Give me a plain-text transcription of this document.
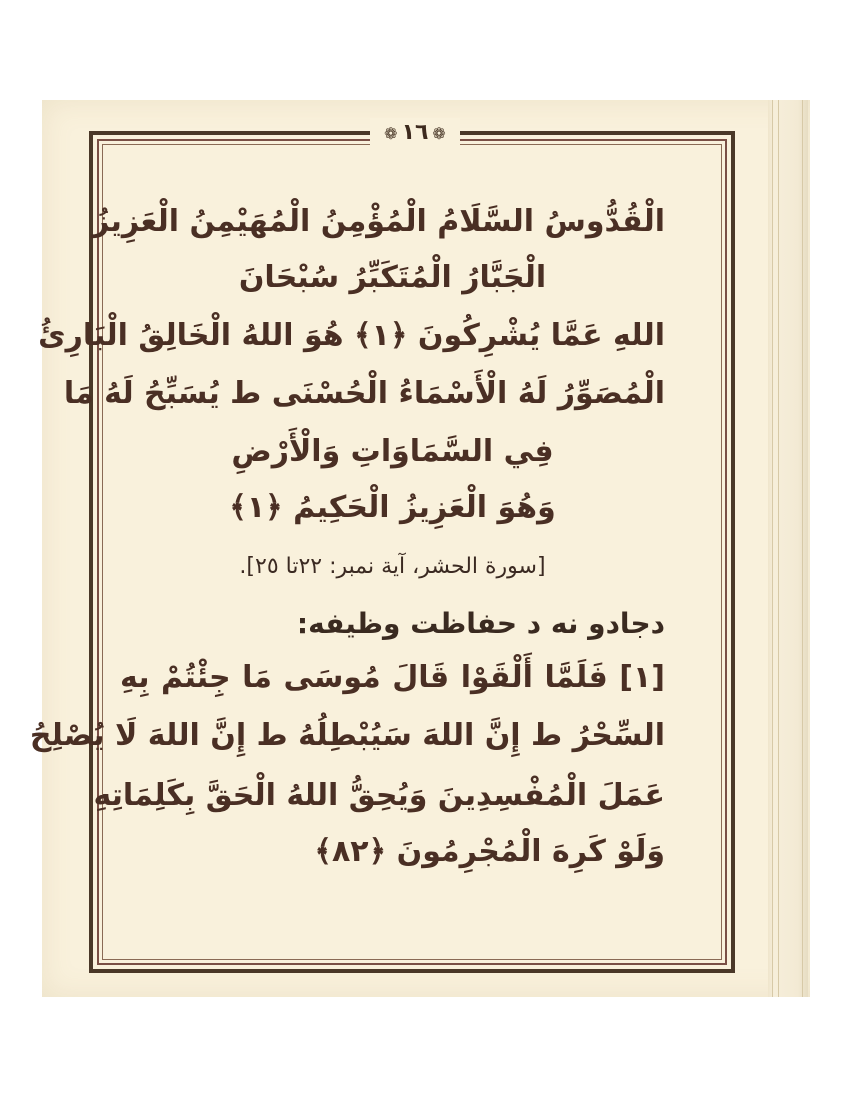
❁١٦❁
الْقُدُّوسُ السَّلَامُ الْمُؤْمِنُ الْمُهَيْمِنُ الْعَزِيزُ
الْجَبَّارُ الْمُتَكَبِّرُ سُبْحَانَ
اللهِ عَمَّا يُشْرِكُونَ ﴿١﴾ هُوَ اللهُ الْخَالِقُ الْبَارِئُ
الْمُصَوِّرُ لَهُ الْأَسْمَاءُ الْحُسْنَى ط يُسَبِّحُ لَهُ مَا
فِي السَّمَاوَاتِ وَالْأَرْضِ
وَهُوَ الْعَزِيزُ الْحَكِيمُ ﴿١﴾
[سورة الحشر، آية نمبر: ٢٢تا ٢٥].
دجادو نه د حفاظت وظيفه:
[١] فَلَمَّا أَلْقَوْا قَالَ مُوسَى مَا جِئْتُمْ بِهِ
السِّحْرُ ط إِنَّ اللهَ سَيُبْطِلُهُ ط إِنَّ اللهَ لَا يُصْلِحُ
عَمَلَ الْمُفْسِدِينَ وَيُحِقُّ اللهُ الْحَقَّ بِكَلِمَاتِهِ
وَلَوْ كَرِهَ الْمُجْرِمُونَ ﴿٨٢﴾
